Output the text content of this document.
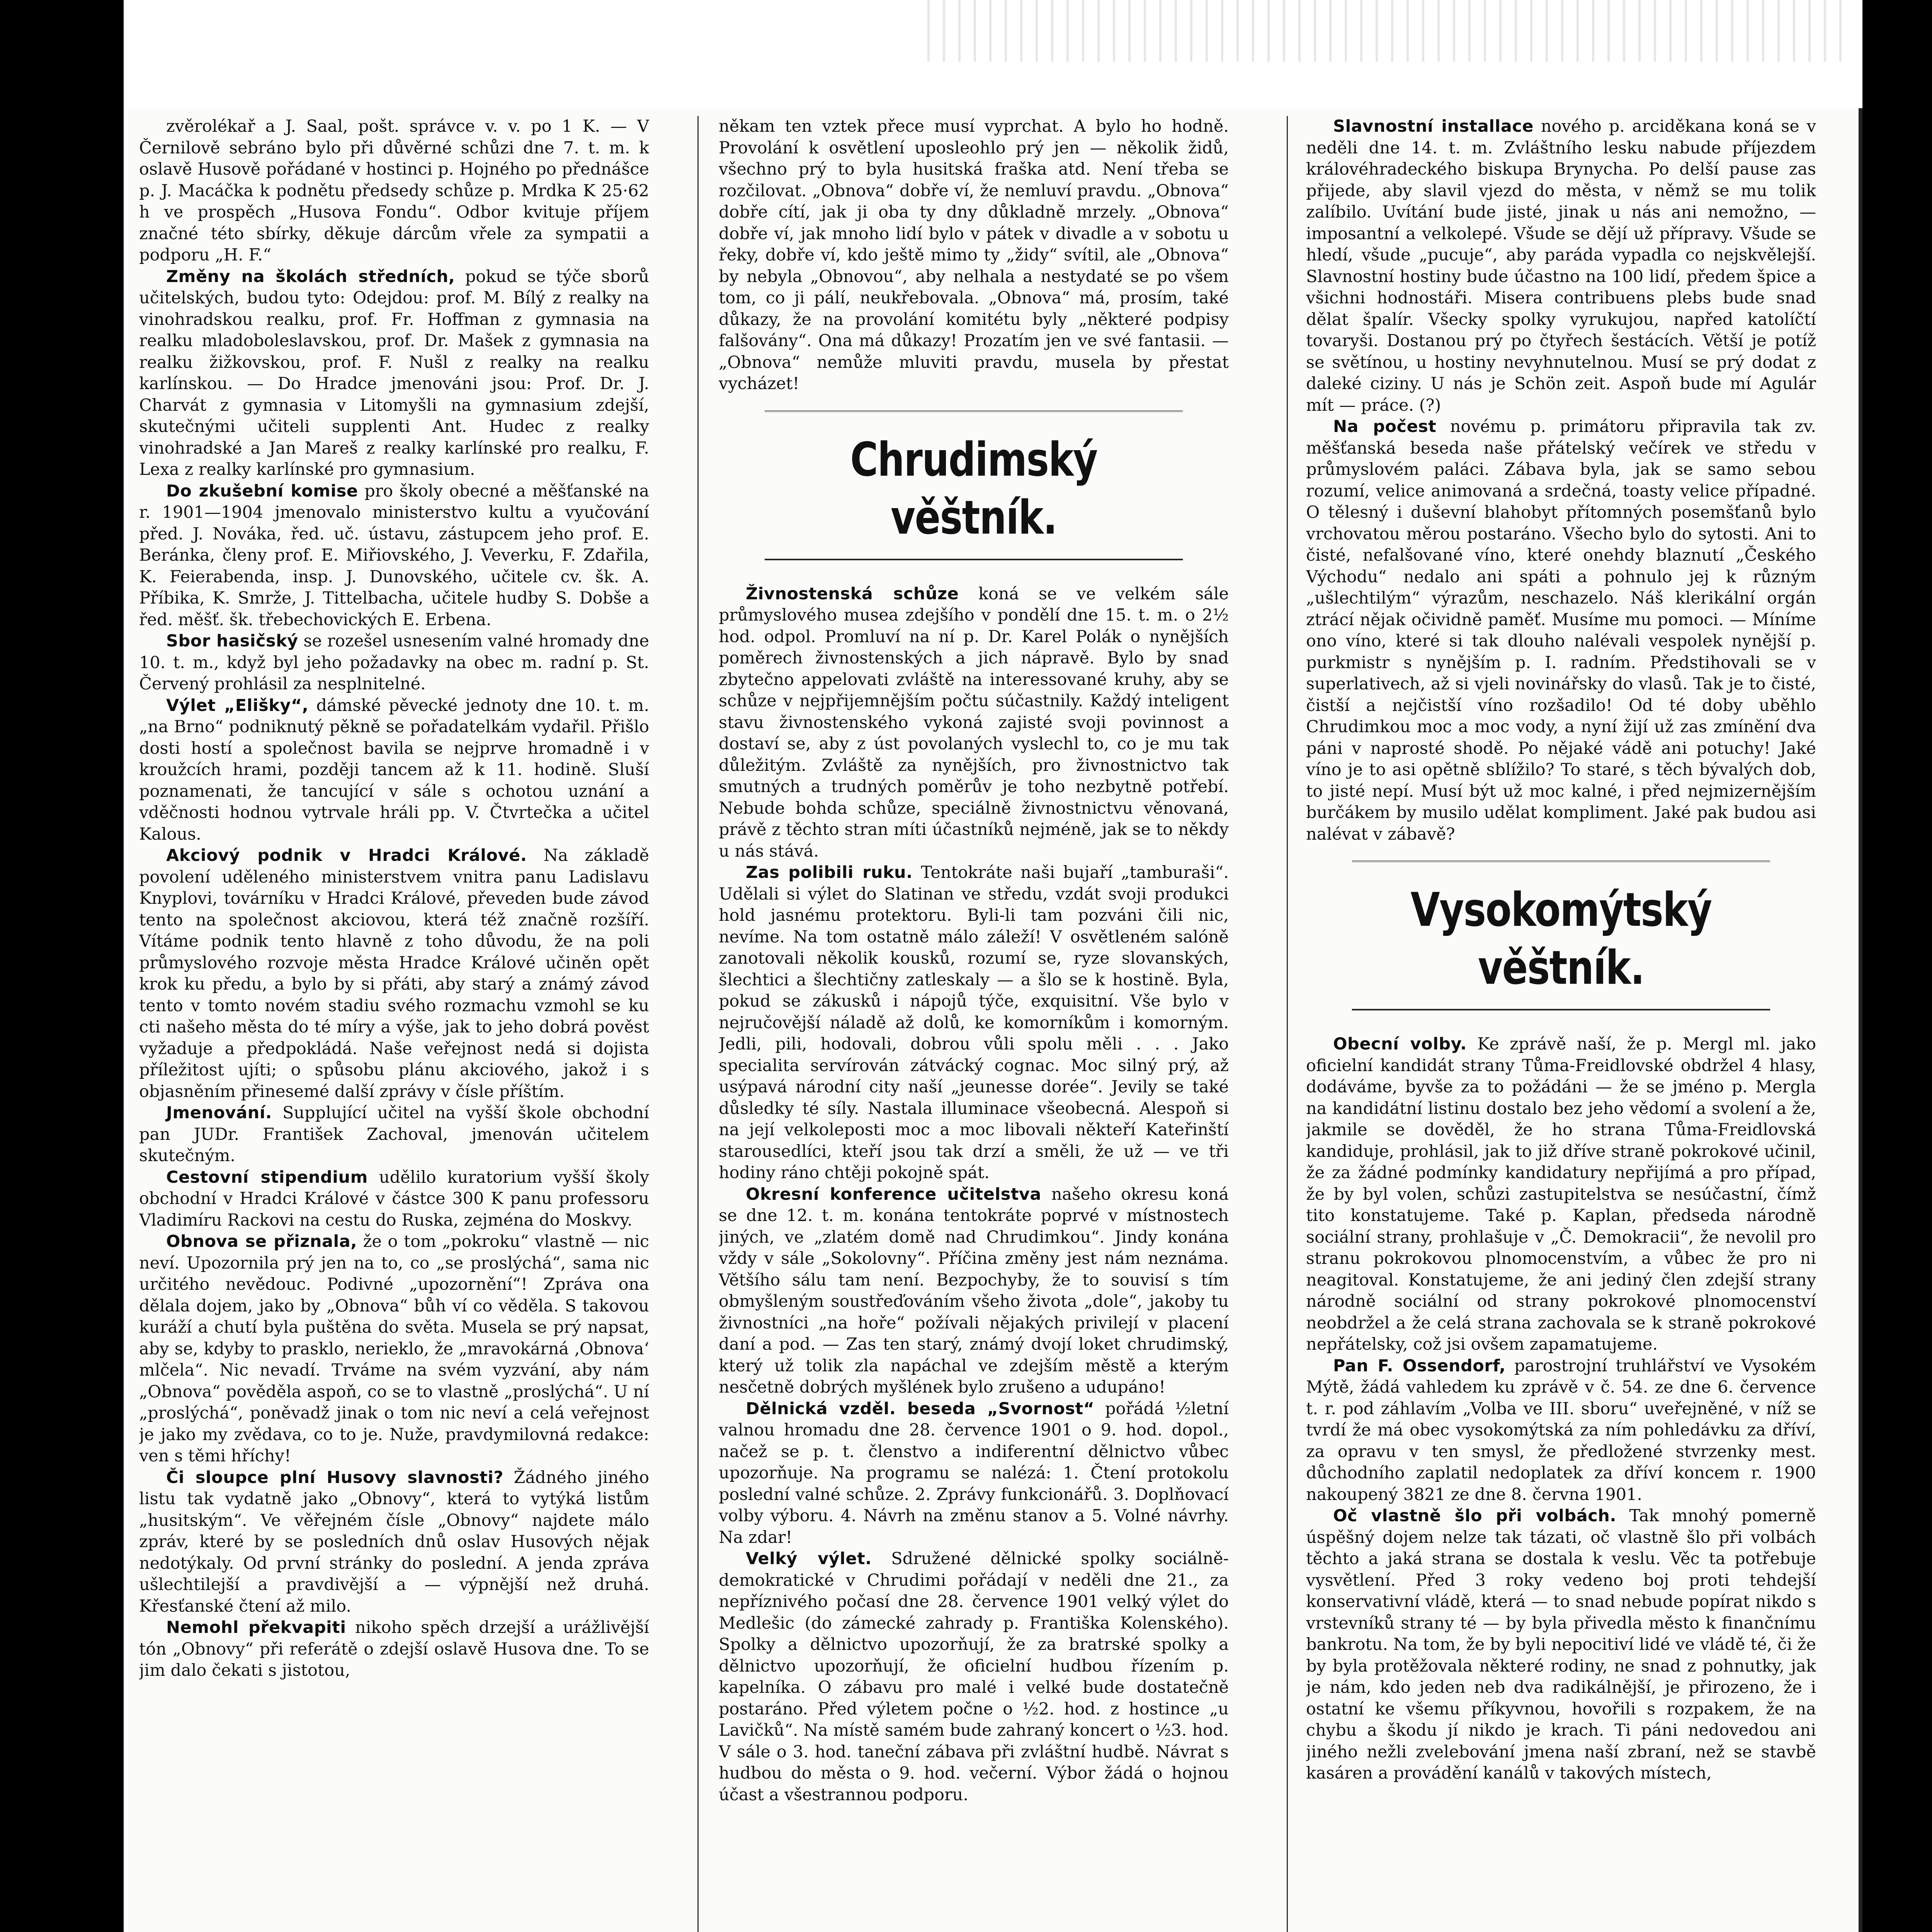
zvěrolékař a J. Saal, pošt. správce v. v. po 1 K. — V Černilově sebráno bylo při důvěrné schůzi dne 7. t. m. k oslavě Husově pořádané v hostinci p. Hojného po přednášce p. J. Macáčka k podnětu předsedy schůze p. Mrdka K 25·62 h ve prospěch „Husova Fondu“. Odbor kvituje příjem značné této sbírky, děkuje dárcům vřele za sympatii a podporu „H. F.“

Změny na školách středních, pokud se týče sborů učitelských, budou tyto: Odejdou: prof. M. Bílý z realky na vinohradskou realku, prof. Fr. Hoffman z gymnasia na realku mladoboleslavskou, prof. Dr. Mašek z gymnasia na realku žižkovskou, prof. F. Nušl z realky na realku karlínskou. — Do Hradce jmenováni jsou: Prof. Dr. J. Charvát z gymnasia v Litomyšli na gymnasium zdejší, skutečnými učiteli supplenti Ant. Hudec z realky vinohradské a Jan Mareš z realky karlínské pro realku, F. Lexa z realky karlínské pro gymnasium.

Do zkušební komise pro školy obecné a měšťanské na r. 1901—1904 jmenovalo ministerstvo kultu a vyučování před. J. Nováka, řed. uč. ústavu, zástupcem jeho prof. E. Beránka, členy prof. E. Miřiovského, J. Veverku, F. Zdařila, K. Feierabenda, insp. J. Dunovského, učitele cv. šk. A. Příbika, K. Smrže, J. Tittelbacha, učitele hudby S. Dobše a řed. měšť. šk. třebechovických E. Erbena.

Sbor hasičský se rozešel usnesením valné hromady dne 10. t. m., když byl jeho požadavky na obec m. radní p. St. Červený prohlásil za nesplnitelné.

Výlet „Elišky“, dámské pěvecké jednoty dne 10. t. m. „na Brno“ podniknutý pěkně se pořadatelkám vydařil. Přišlo dosti hostí a společnost bavila se nejprve hromadně i v kroužcích hrami, později tancem až k 11. hodině. Sluší poznamenati, že tancující v sále s ochotou uznání a vděčnosti hodnou vytrvale hráli pp. V. Čtvrtečka a učitel Kalous.

Akciový podnik v Hradci Králové. Na základě povolení uděleného ministerstvem vnitra panu Ladislavu Knyplovi, továrníku v Hradci Králové, převeden bude závod tento na společnost akciovou, která též značně rozšíří. Vítáme podnik tento hlavně z toho důvodu, že na poli průmyslového rozvoje města Hradce Králové učiněn opět krok ku předu, a bylo by si přáti, aby starý a známý závod tento v tomto novém stadiu svého rozmachu vzmohl se ku cti našeho města do té míry a výše, jak to jeho dobrá pověst vyžaduje a předpokládá. Naše veřejnost nedá si dojista příležitost ujíti; o spůsobu plánu akciového, jakož i s objasněním přinesemé další zprávy v čísle příštím.

Jmenování. Supplující učitel na vyšší škole obchodní pan JUDr. František Zachoval, jmenován učitelem skutečným.

Cestovní stipendium udělilo kuratorium vyšší školy obchodní v Hradci Králové v částce 300 K panu professoru Vladimíru Rackovi na cestu do Ruska, zejména do Moskvy.

Obnova se přiznala, že o tom „pokroku“ vlastně — nic neví. Upozornila prý jen na to, co „se proslýchá“, sama nic určitého nevědouc. Podivné „upozornění“! Zpráva ona dělala dojem, jako by „Obnova“ bůh ví co věděla. S takovou kuráží a chutí byla puštěna do světa. Musela se prý napsat, aby se, kdyby to prasklo, nerieklo, že „mravokárná ‚Obnova‘ mlčela“. Nic nevadí. Trváme na svém vyzvání, aby nám „Obnova“ pověděla aspoň, co se to vlastně „proslýchá“. U ní „proslýchá“, poněvadž jinak o tom nic neví a celá veřejnost je jako my zvědava, co to je. Nuže, pravdymilovná redakce: ven s těmi hříchy!

Či sloupce plní Husovy slavnosti? Žádného jiného listu tak vydatně jako „Obnovy“, která to vytýká listům „husitským“. Ve věřejném čísle „Obnovy“ najdete málo zpráv, které by se posledních dnů oslav Husových nějak nedotýkaly. Od první stránky do poslední. A jenda zpráva ušlechtilejší a pravdivější a — výpnější než druhá. Křesťanské čtení až milo.

Nemohl překvapiti nikoho spěch drzejší a urážlivější tón „Obnovy“ při referátě o zdejší oslavě Husova dne. To se jim dalo čekati s jistotou,

někam ten vztek přece musí vyprchat. A bylo ho hodně. Provolání k osvětlení uposleohlo prý jen — několik židů, všechno prý to byla husitská fraška atd. Není třeba se rozčilovat. „Obnova“ dobře ví, že nemluví pravdu. „Obnova“ dobře cítí, jak ji oba ty dny důkladně mrzely. „Obnova“ dobře ví, jak mnoho lidí bylo v pátek v divadle a v sobotu u řeky, dobře ví, kdo ještě mimo ty „židy“ svítil, ale „Obnova“ by nebyla „Obnovou“, aby nelhala a nestydaté se po všem tom, co ji pálí, neukřebovala. „Obnova“ má, prosím, také důkazy, že na provolání komitétu byly „některé podpisy falšovány“. Ona má důkazy! Prozatím jen ve své fantasii. — „Obnova“ nemůže mluviti pravdu, musela by přestat vycházet!

Chrudimský věštník.

Živnostenská schůze koná se ve velkém sále průmyslového musea zdejšího v pondělí dne 15. t. m. o 2½ hod. odpol. Promluví na ní p. Dr. Karel Polák o nynějších poměrech živnostenských a jich nápravě. Bylo by snad zbytečno appelovati zvláště na interessované kruhy, aby se schůze v nejpřijemnějším počtu súčastnily. Každý inteligent stavu živnostenského vykoná zajisté svoji povinnost a dostaví se, aby z úst povolaných vyslechl to, co je mu tak důležitým. Zvláště za nynějších, pro živnostnictvo tak smutných a trudných poměrův je toho nezbytně potřebí. Nebude bohda schůze, speciálně živnostnictvu věnovaná, právě z těchto stran míti účastníků nejméně, jak se to někdy u nás stává.

Zas polibili ruku. Tentokráte naši bujaří „tamburaši“. Udělali si výlet do Slatinan ve středu, vzdát svoji produkci hold jasnému protektoru. Byli-li tam pozváni čili nic, nevíme. Na tom ostatně málo záleží! V osvětleném salóně zanotovali několik kousků, rozumí se, ryze slovanských, šlechtici a šlechtičny zatleskaly — a šlo se k hostině. Byla, pokud se zákusků i nápojů týče, exquisitní. Vše bylo v nejručovější náladě až dolů, ke komorníkům i komorným. Jedli, pili, hodovali, dobrou vůli spolu měli . . . Jako specialita servírován zátvácký cognac. Moc silný prý, až usýpavá národní city naší „jeunesse dorée“. Jevily se také důsledky té síly. Nastala illuminace všeobecná. Alespoň si na její velkoleposti moc a moc libovali někteří Kateřinští starousedlíci, kteří jsou tak drzí a směli, že už — ve tři hodiny ráno chtěji pokojně spát.

Okresní konference učitelstva našeho okresu koná se dne 12. t. m. konána tentokráte poprvé v místnostech jiných, ve „zlatém domě nad Chrudimkou“. Jindy konána vždy v sále „Sokolovny“. Příčina změny jest nám neznáma. Většího sálu tam není. Bezpochyby, že to souvisí s tím obmyšleným soustřeďováním všeho života „dole“, jakoby tu živnostníci „na hoře“ požívali nějakých privilejí v placení daní a pod. — Zas ten starý, známý dvojí loket chrudimský, který už tolik zla napáchal ve zdejším městě a kterým nesčetně dobrých myšlének bylo zrušeno a udupáno!

Dělnická vzděl. beseda „Svornost“ pořádá ½letní valnou hromadu dne 28. července 1901 o 9. hod. dopol., načež se p. t. členstvo a indiferentní dělnictvo vůbec upozorňuje. Na programu se nalézá: 1. Čtení protokolu poslední valné schůze. 2. Zprávy funkcionářů. 3. Doplňovací volby výboru. 4. Návrh na změnu stanov a 5. Volné návrhy. Na zdar!

Velký výlet. Sdružené dělnické spolky sociálně-demokratické v Chrudimi pořádají v neděli dne 21., za nepříznivého počasí dne 28. července 1901 velký výlet do Medlešic (do zámecké zahrady p. Františka Kolenského). Spolky a dělnictvo upozorňují, že za bratrské spolky a dělnictvo upozorňují, že oficielní hudbou řízením p. kapelníka. O zábavu pro malé i velké bude dostatečně postaráno. Před výletem počne o ½2. hod. z hostince „u Lavičků“. Na místě samém bude zahraný koncert o ½3. hod. V sále o 3. hod. taneční zábava při zvláštní hudbě. Návrat s hudbou do města o 9. hod. večerní. Výbor žádá o hojnou účast a všestrannou podporu.

Slavnostní installace nového p. arciděkana koná se v neděli dne 14. t. m. Zvláštního lesku nabude příjezdem královéhradeckého biskupa Brynycha. Po delší pause zas přijede, aby slavil vjezd do města, v němž se mu tolik zalíbilo. Uvítání bude jisté, jinak u nás ani nemožno, — imposantní a velkolepé. Všude se dějí už přípravy. Všude se hledí, všude „pucuje“, aby paráda vypadla co nejskvělejší. Slavnostní hostiny bude účastno na 100 lidí, předem špice a všichni hodnostáři. Misera contribuens plebs bude snad dělat špalír. Všecky spolky vyrukujou, napřed katolíčtí tovaryši. Dostanou prý po čtyřech šestácích. Větší je potíž se světínou, u hostiny nevyhnutelnou. Musí se prý dodat z daleké ciziny. U nás je Schön zeit. Aspoň bude mí Agulár mít — práce. (?)

Na počest novému p. primátoru připravila tak zv. měšťanská beseda naše přátelský večírek ve středu v průmyslovém paláci. Zábava byla, jak se samo sebou rozumí, velice animovaná a srdečná, toasty velice případné. O tělesný i duševní blahobyt přítomných posemšťanů bylo vrchovatou měrou postaráno. Všecho bylo do sytosti. Ani to čisté, nefalšované víno, které onehdy blaznutí „Českého Východu“ nedalo ani spáti a pohnulo jej k různým „ušlechtilým“ výrazům, neschazelo. Náš klerikální orgán ztrácí nějak očividně paměť. Musíme mu pomoci. — Míníme ono víno, které si tak dlouho nalévali vespolek nynější p. purkmistr s nynějším p. I. radním. Předstihovali se v superlativech, až si vjeli novinářsky do vlasů. Tak je to čisté, čistší a nejčistší víno rozšadilo! Od té doby uběhlo Chrudimkou moc a moc vody, a nyní žijí už zas zmínění dva páni v naprosté shodě. Po nějaké vádě ani potuchy! Jaké víno je to asi opětně sblížilo? To staré, s těch bývalých dob, to jisté nepí. Musí být už moc kalné, i před nejmizernějším burčákem by musilo udělat kompliment. Jaké pak budou asi nalévat v zábavě?

Vysokomýtský věštník.

Obecní volby. Ke zprávě naší, že p. Mergl ml. jako oficielní kandidát strany Tůma-Freidlovské obdržel 4 hlasy, dodáváme, byvše za to požádáni — že se jméno p. Mergla na kandidátní listinu dostalo bez jeho vědomí a svolení a že, jakmile se dověděl, že ho strana Tůma-Freidlovská kandiduje, prohlásil, jak to již dříve straně pokrokové učinil, že za žádné podmínky kandidatury nepřijímá a pro případ, že by byl volen, schůzi zastupitelstva se nesúčastní, čímž tito konstatujeme. Také p. Kaplan, předseda národně sociální strany, prohlašuje v „Č. Demokracii“, že nevolil pro stranu pokrokovou plnomocenstvím, a vůbec že pro ni neagitoval. Konstatujeme, že ani jediný člen zdejší strany národně sociální od strany pokrokové plnomocenství neobdržel a že celá strana zachovala se k straně pokrokové nepřátelsky, což jsi ovšem zapamatujeme.

Pan F. Ossendorf, parostrojní truhlářství ve Vysokém Mýtě, žádá vahledem ku zprávě v č. 54. ze dne 6. července t. r. pod záhlavím „Volba ve III. sboru“ uveřejněné, v níž se tvrdí že má obec vysokomýtská za ním pohledávku za dříví, za opravu v ten smysl, že předložené stvrzenky mest. důchodního zaplatil nedoplatek za dříví koncem r. 1900 nakoupený 3821 ze dne 8. června 1901.

Oč vlastně šlo při volbách. Tak mnohý pomerně úspěšný dojem nelze tak tázati, oč vlastně šlo při volbách těchto a jaká strana se dostala k veslu. Věc ta potřebuje vysvětlení. Před 3 roky vedeno boj proti tehdejší konservativní vládě, která — to snad nebude popírat nikdo s vrstevníků strany té — by byla přivedla město k finančnímu bankrotu. Na tom, že by byli nepocitiví lidé ve vládě té, či že by byla protěžovala některé rodiny, ne snad z pohnutky, jak je nám, kdo jeden neb dva radikálnější, je přirozeno, že i ostatní ke všemu příkyvnou, hovořili s rozpakem, že na chybu a škodu jí nikdo je krach. Ti páni nedovedou ani jiného nežli zvelebování jmena naší zbraní, než se stavbě kasáren a provádění kanálů v takových místech,
